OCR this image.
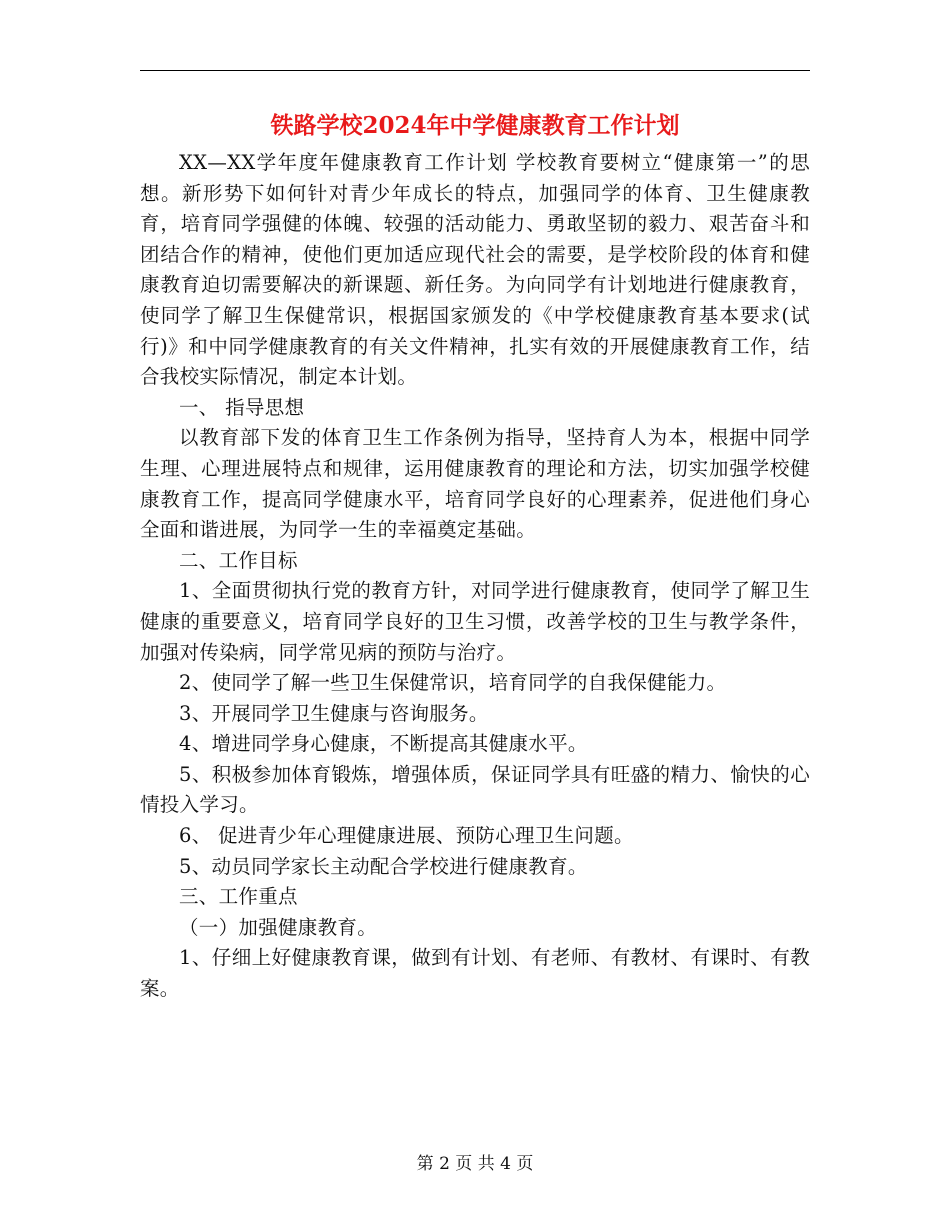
铁路学校2024年中学健康教育工作计划

XX—XX学年度年健康教育工作计划 学校教育要树立“健康第一”的思想。新形势下如何针对青少年成长的特点，加强同学的体育、卫生健康教育，培育同学强健的体魄、较强的活动能力、勇敢坚韧的毅力、艰苦奋斗和团结合作的精神，使他们更加适应现代社会的需要，是学校阶段的体育和健康教育迫切需要解决的新课题、新任务。为向同学有计划地进行健康教育，使同学了解卫生保健常识，根据国家颁发的《中学校健康教育基本要求(试行)》和中同学健康教育的有关文件精神，扎实有效的开展健康教育工作，结合我校实际情况，制定本计划。

一、 指导思想

以教育部下发的体育卫生工作条例为指导，坚持育人为本，根据中同学生理、心理进展特点和规律，运用健康教育的理论和方法，切实加强学校健康教育工作，提高同学健康水平，培育同学良好的心理素养，促进他们身心全面和谐进展，为同学一生的幸福奠定基础。

二、工作目标

1、全面贯彻执行党的教育方针，对同学进行健康教育，使同学了解卫生健康的重要意义，培育同学良好的卫生习惯，改善学校的卫生与教学条件，加强对传染病，同学常见病的预防与治疗。

2、使同学了解一些卫生保健常识，培育同学的自我保健能力。

3、开展同学卫生健康与咨询服务。

4、增进同学身心健康，不断提高其健康水平。

5、积极参加体育锻炼，增强体质，保证同学具有旺盛的精力、愉快的心情投入学习。

6、 促进青少年心理健康进展、预防心理卫生问题。

5、动员同学家长主动配合学校进行健康教育。

三、工作重点

（一）加强健康教育。

1、仔细上好健康教育课，做到有计划、有老师、有教材、有课时、有教案。

第 2 页 共 4 页
